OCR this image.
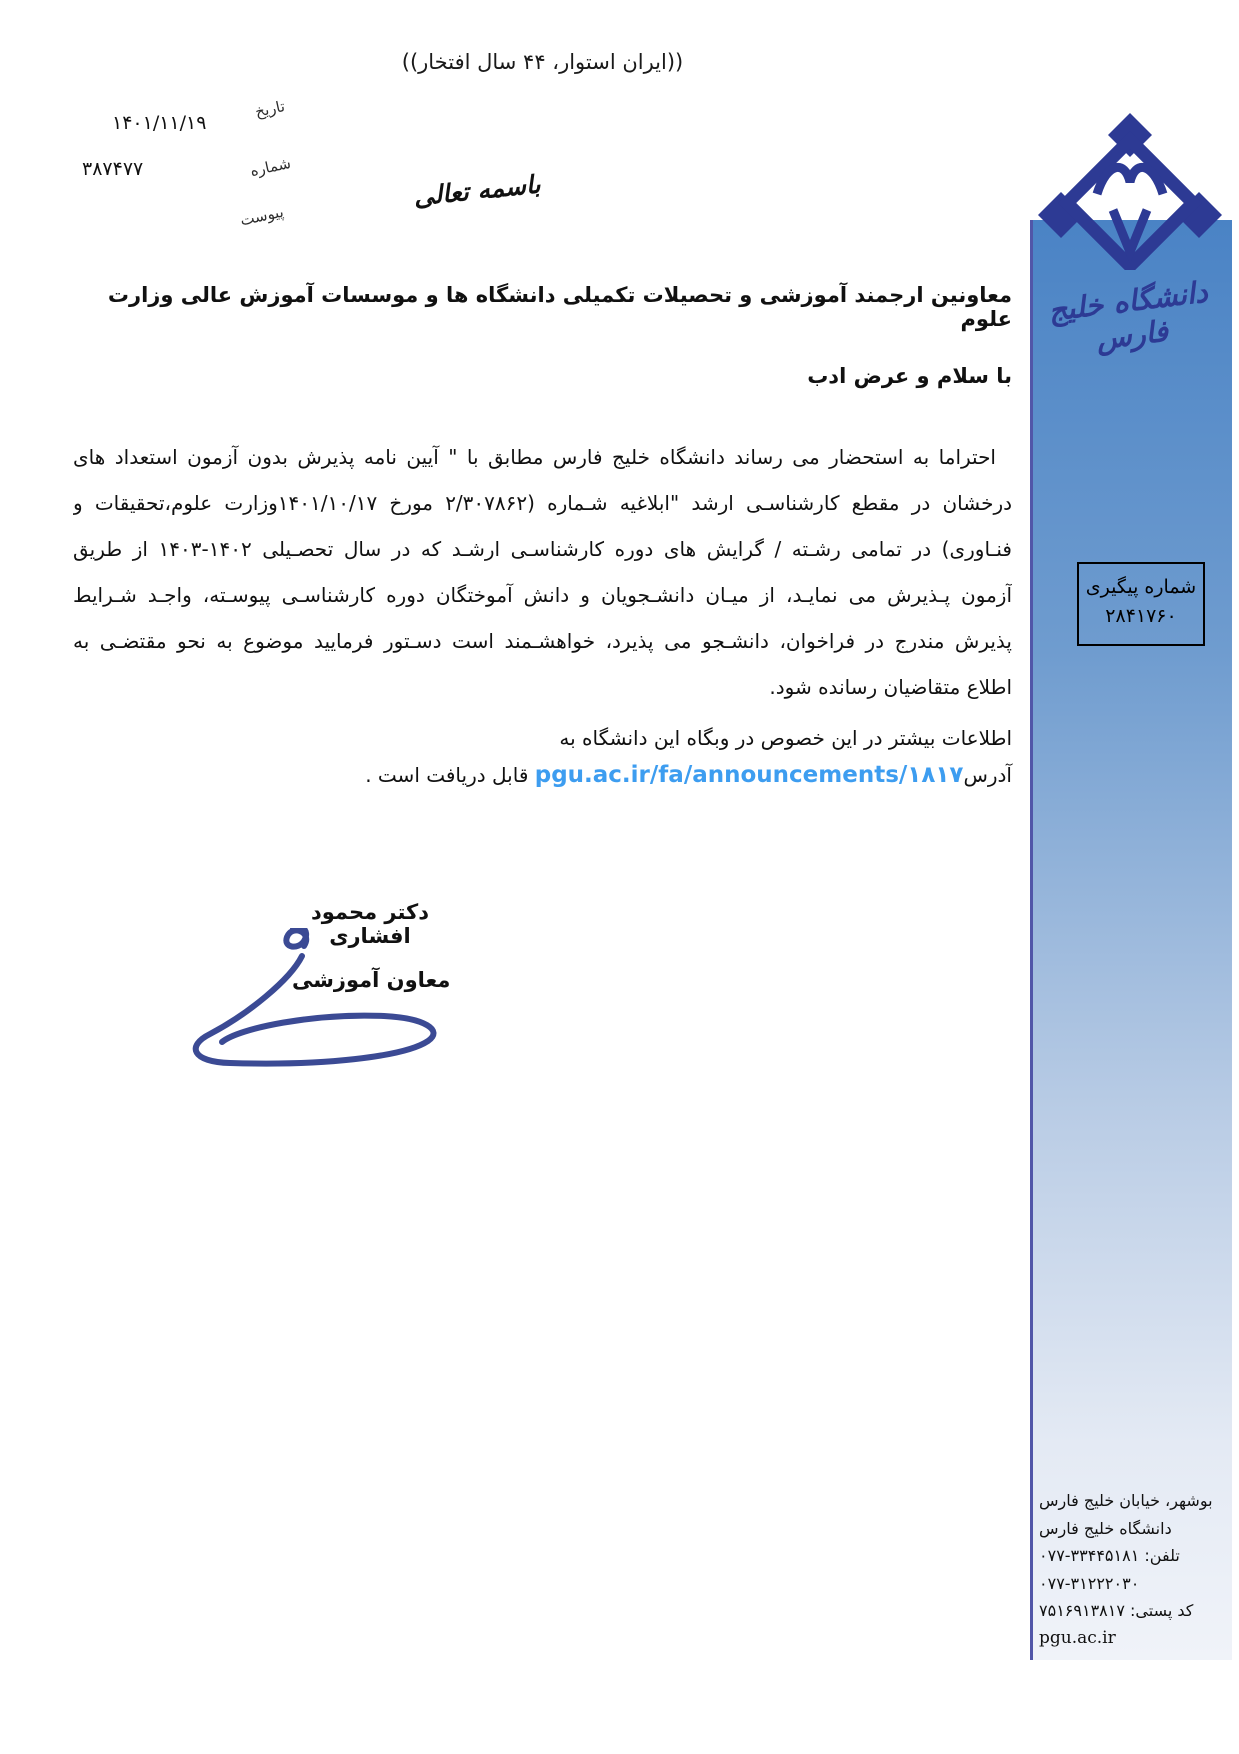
دانشگاه خلیج فارس
((ایران استوار، ۴۴ سال افتخار))
باسمه تعالی
تاریخ
۱۴۰۱/۱۱/۱۹
شماره
۳۸۷۴۷۷
پیوست
شماره پیگیری
۲۸۴۱۷۶۰
معاونین ارجمند آموزشی و تحصیلات تکمیلی دانشگاه ها و موسسات آموزش عالی وزارت علوم
با سلام و عرض ادب
احتراما به استحضار می رساند دانشگاه خلیج فارس مطابق با " آیین نامه پذیرش بدون آزمون استعداد های
درخشان در مقطع کارشناسـی ارشد "ابلاغیه شـماره (۲/۳۰۷۸۶۲ مورخ ۱۴۰۱/۱۰/۱۷وزارت علوم،تحقیقات و
فنـاوری) در تمامی رشـته / گرایش های دوره کارشناسـی ارشـد که در سال تحصـیلی ۱۴۰۲-۱۴۰۳ از طریق
آزمون پـذیرش می نمایـد، از میـان دانشـجویان و دانش آموختگان دوره کارشناسـی پیوسـته، واجـد شـرایط
پذیرش مندرج در فراخوان، دانشـجو می پذیرد، خواهشـمند است دسـتور فرمایید موضوع به نحو مقتضـی به
اطلاع متقاضیان رسانده شود.
اطلاعات بیشتر در این خصوص در وبگاه این دانشگاه به
آدرسpgu.ac.ir/fa/announcements/۱۸۱۷ قابل دریافت است .
دکتر محمود افشاری
معاون آموزشی
بوشهر، خیابان خلیج فارس
دانشگاه خلیج فارس
تلفن: ۰۷۷-۳۳۴۴۵۱۸۱
۰۷۷-۳۱۲۲۲۰۳۰
کد پستی: ۷۵۱۶۹۱۳۸۱۷
pgu.ac.ir
